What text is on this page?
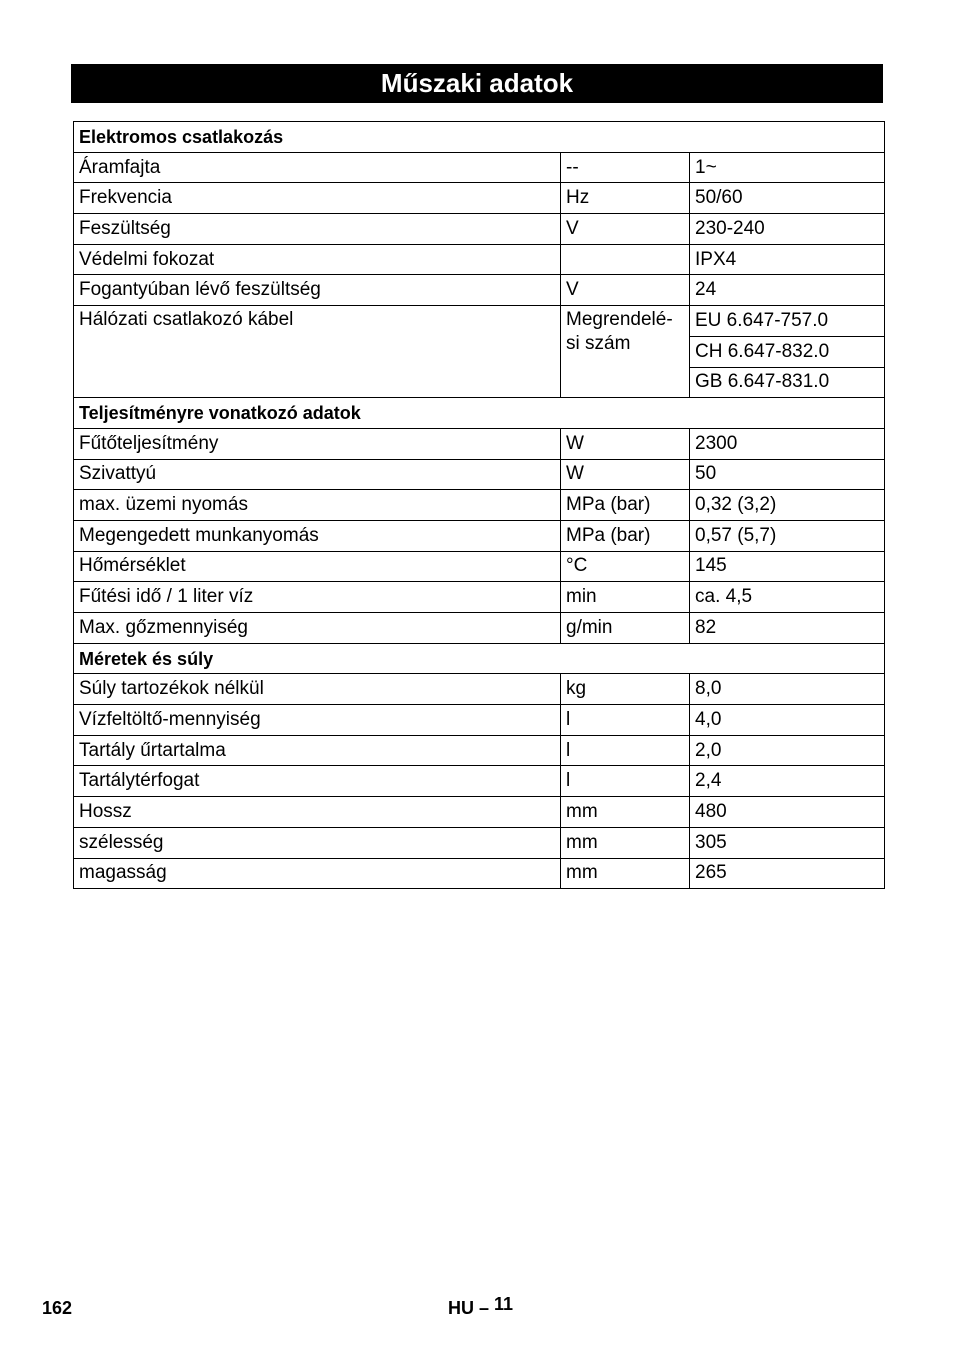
Műszaki adatok
Elektromos csatlakozás		
Áramfajta	--	1~
Frekvencia	Hz	50/60
Feszültség	V	230-240
Védelmi fokozat		IPX4
Fogantyúban lévő feszültség	V	24
Hálózati csatlakozó kábel	Megrendelé-si szám	EU 6.647-757.0
		CH 6.647-832.0
		GB 6.647-831.0
Teljesítményre vonatkozó adatok		
Fűtőteljesítmény	W	2300
Szivattyú	W	50
max. üzemi nyomás	MPa (bar)	0,32 (3,2)
Megengedett munkanyomás	MPa (bar)	0,57 (5,7)
Hőmérséklet	°C	145
Fűtési idő / 1 liter víz	min	ca. 4,5
Max. gőzmennyiség	g/min	82
Méretek és súly		
Súly tartozékok nélkül	kg	8,0
Vízfeltöltő-mennyiség	l	4,0
Tartály űrtartalma	l	2,0
Tartálytérfogat	l	2,4
Hossz	mm	480
szélesség	mm	305
magasság	mm	265
162	HU – 11
